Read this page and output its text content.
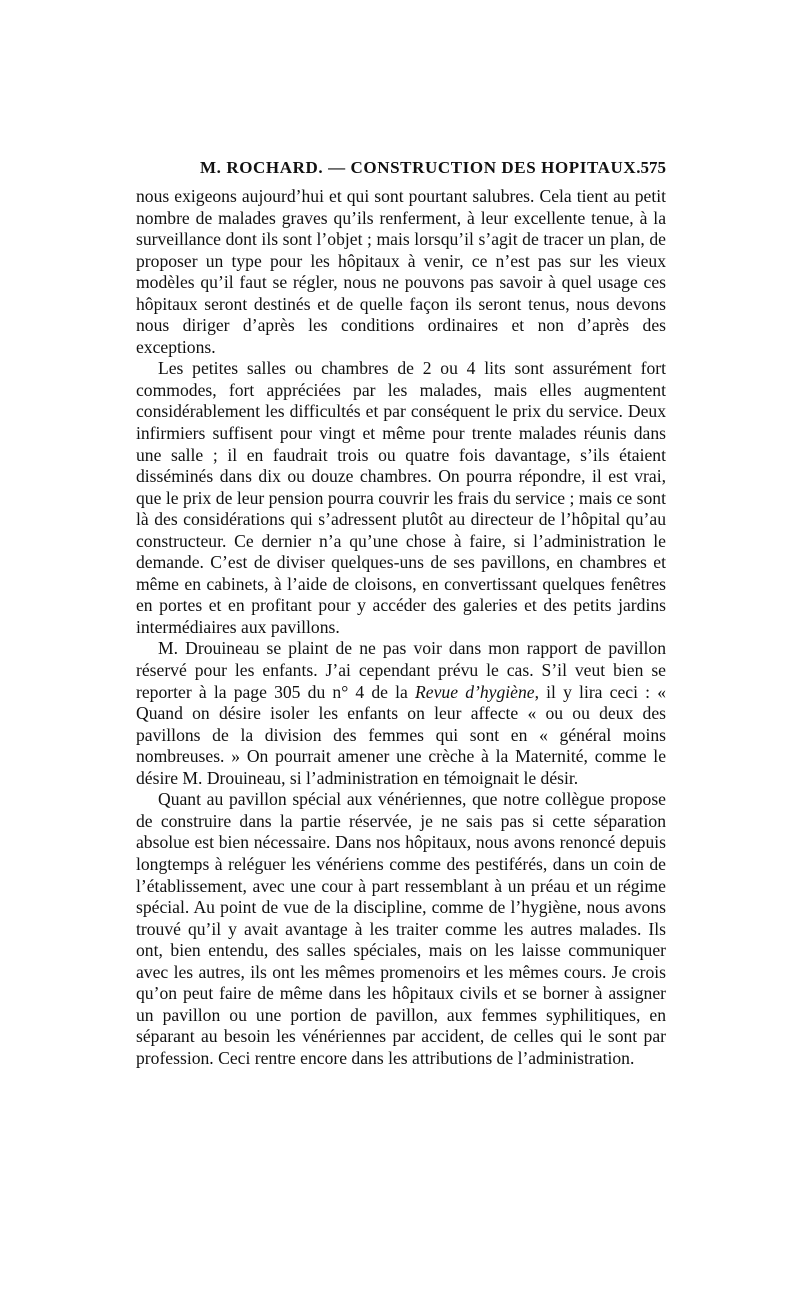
M. ROCHARD. — CONSTRUCTION DES HOPITAUX. 575

nous exigeons aujourd’hui et qui sont pourtant salubres. Cela tient au petit nombre de malades graves qu’ils renferment, à leur excellente tenue, à la surveillance dont ils sont l’objet ; mais lorsqu’il s’agit de tracer un plan, de proposer un type pour les hôpitaux à venir, ce n’est pas sur les vieux modèles qu’il faut se régler, nous ne pouvons pas savoir à quel usage ces hôpitaux seront destinés et de quelle façon ils seront tenus, nous devons nous diriger d’après les conditions ordinaires et non d’après des exceptions.

Les petites salles ou chambres de 2 ou 4 lits sont assurément fort commodes, fort appréciées par les malades, mais elles augmentent considérablement les difficultés et par conséquent le prix du service. Deux infirmiers suffisent pour vingt et même pour trente malades réunis dans une salle ; il en faudrait trois ou quatre fois davantage, s’ils étaient disséminés dans dix ou douze chambres. On pourra répondre, il est vrai, que le prix de leur pension pourra couvrir les frais du service ; mais ce sont là des considérations qui s’adressent plutôt au directeur de l’hôpital qu’au constructeur. Ce dernier n’a qu’une chose à faire, si l’administration le demande. C’est de diviser quelques-uns de ses pavillons, en chambres et même en cabinets, à l’aide de cloisons, en convertissant quelques fenêtres en portes et en profitant pour y accéder des galeries et des petits jardins intermédiaires aux pavillons.

M. Drouineau se plaint de ne pas voir dans mon rapport de pavillon réservé pour les enfants. J’ai cependant prévu le cas. S’il veut bien se reporter à la page 305 du n° 4 de la Revue d’hygiène, il y lira ceci : « Quand on désire isoler les enfants on leur affecte « ou ou deux des pavillons de la division des femmes qui sont en « général moins nombreuses. » On pourrait amener une crèche à la Maternité, comme le désire M. Drouineau, si l’administration en témoignait le désir.

Quant au pavillon spécial aux vénériennes, que notre collègue propose de construire dans la partie réservée, je ne sais pas si cette séparation absolue est bien nécessaire. Dans nos hôpitaux, nous avons renoncé depuis longtemps à reléguer les vénériens comme des pestiférés, dans un coin de l’établissement, avec une cour à part ressemblant à un préau et un régime spécial. Au point de vue de la discipline, comme de l’hygiène, nous avons trouvé qu’il y avait avantage à les traiter comme les autres malades. Ils ont, bien entendu, des salles spéciales, mais on les laisse communiquer avec les autres, ils ont les mêmes promenoirs et les mêmes cours. Je crois qu’on peut faire de même dans les hôpitaux civils et se borner à assigner un pavillon ou une portion de pavillon, aux femmes syphilitiques, en séparant au besoin les vénériennes par accident, de celles qui le sont par profession. Ceci rentre encore dans les attributions de l’administration.
